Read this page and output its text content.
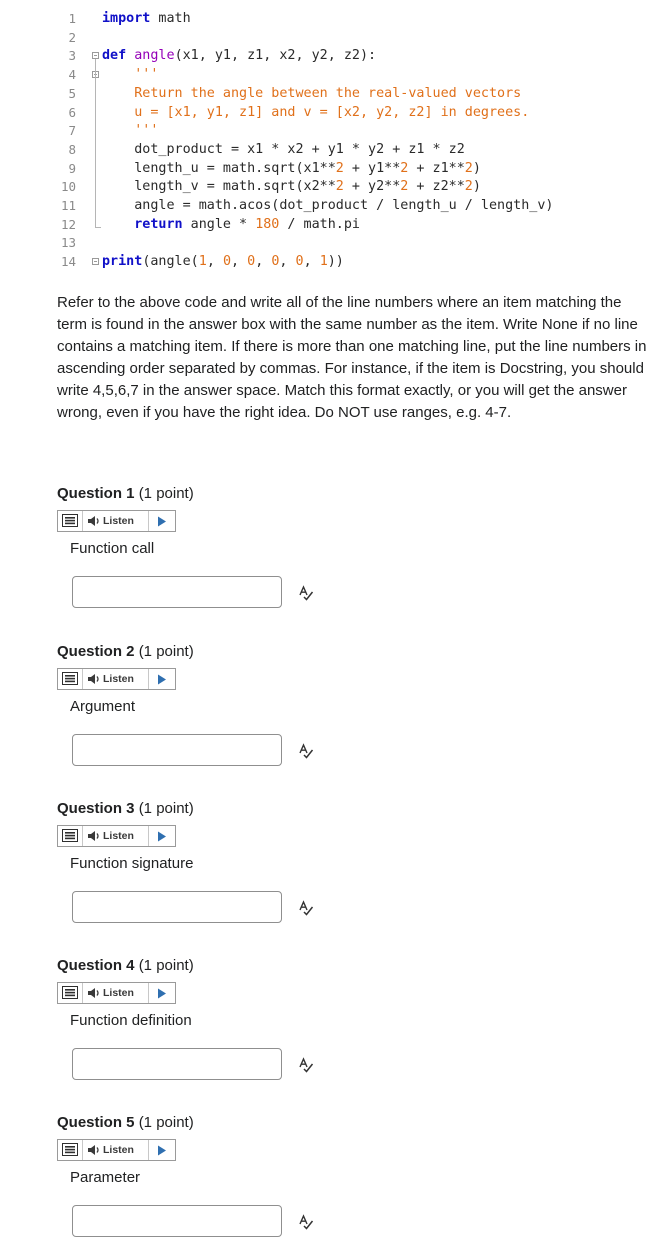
1 import math
2
3 def angle(x1, y1, z1, x2, y2, z2):
4 '''
5 Return the angle between the real-valued vectors
6 u = [x1, y1, z1] and v = [x2, y2, z2] in degrees.
7 '''
8 dot_product = x1 * x2 + y1 * y2 + z1 * z2
9 length_u = math.sqrt(x1**2 + y1**2 + z1**2)
10 length_v = math.sqrt(x2**2 + y2**2 + z2**2)
11 angle = math.acos(dot_product / length_u / length_v)
12 return angle * 180 / math.pi
13
14 print(angle(1, 0, 0, 0, 0, 1))
Refer to the above code and write all of the line numbers where an item matching the term is found in the answer box with the same number as the item. Write None if no line contains a matching item. If there is more than one matching line, put the line numbers in ascending order separated by commas. For instance, if the item is Docstring, you should write 4,5,6,7 in the answer space. Match this format exactly, or you will get the answer wrong, even if you have the right idea. Do NOT use ranges, e.g. 4-7.
Question 1 (1 point)
Listen
Function call
Question 2 (1 point)
Listen
Argument
Question 3 (1 point)
Listen
Function signature
Question 4 (1 point)
Listen
Function definition
Question 5 (1 point)
Listen
Parameter
